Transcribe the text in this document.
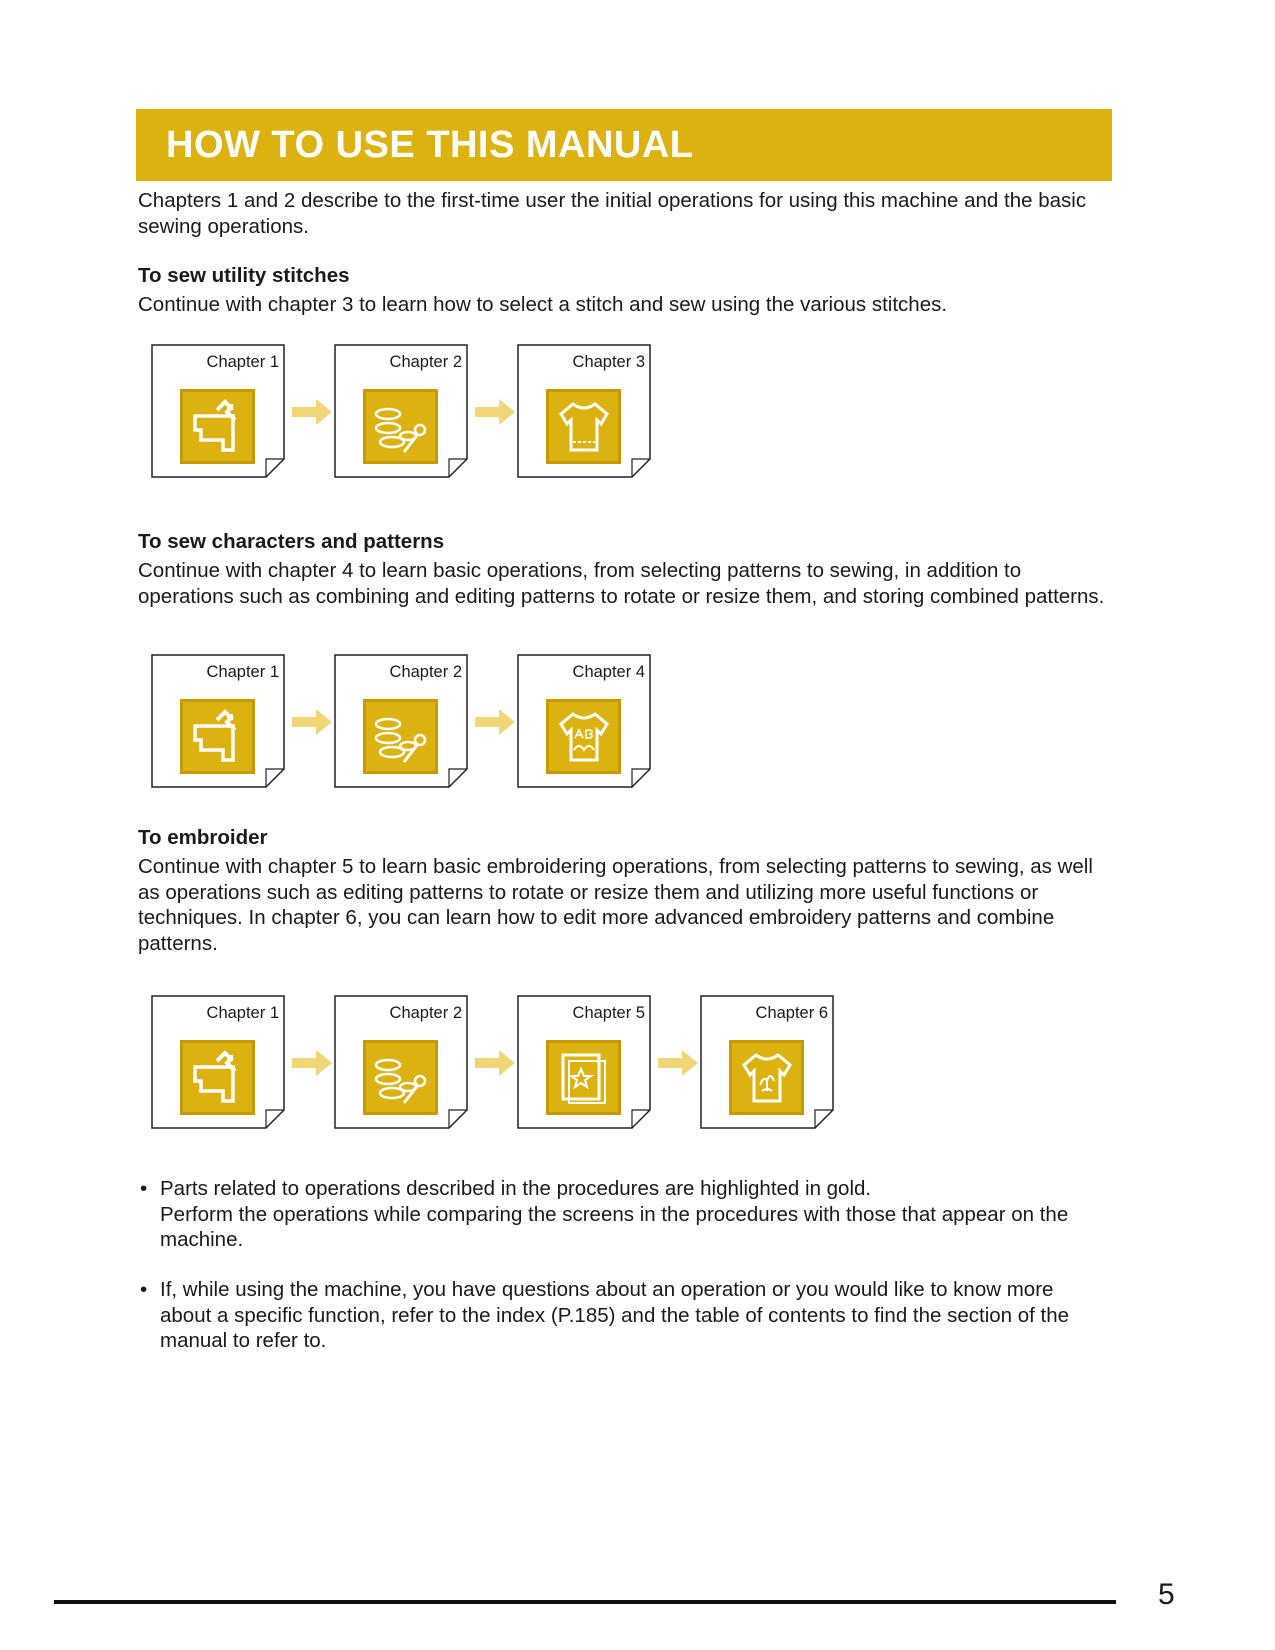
HOW TO USE THIS MANUAL
Chapters 1 and 2 describe to the first-time user the initial operations for using this machine and the basic sewing operations.
To sew utility stitches
Continue with chapter 3 to learn how to select a stitch and sew using the various stitches.
Chapter 1	Chapter 2	Chapter 3
To sew characters and patterns
Continue with chapter 4 to learn basic operations, from selecting patterns to sewing, in addition to operations such as combining and editing patterns to rotate or resize them, and storing combined patterns.
Chapter 1	Chapter 2	Chapter 4
To embroider
Continue with chapter 5 to learn basic embroidering operations, from selecting patterns to sewing, as well as operations such as editing patterns to rotate or resize them and utilizing more useful functions or techniques. In chapter 6, you can learn how to edit more advanced embroidery patterns and combine patterns.
Chapter 1	Chapter 2	Chapter 5	Chapter 6
• Parts related to operations described in the procedures are highlighted in gold.
Perform the operations while comparing the screens in the procedures with those that appear on the machine.
• If, while using the machine, you have questions about an operation or you would like to know more about a specific function, refer to the index (P.185) and the table of contents to find the section of the manual to refer to.
5
